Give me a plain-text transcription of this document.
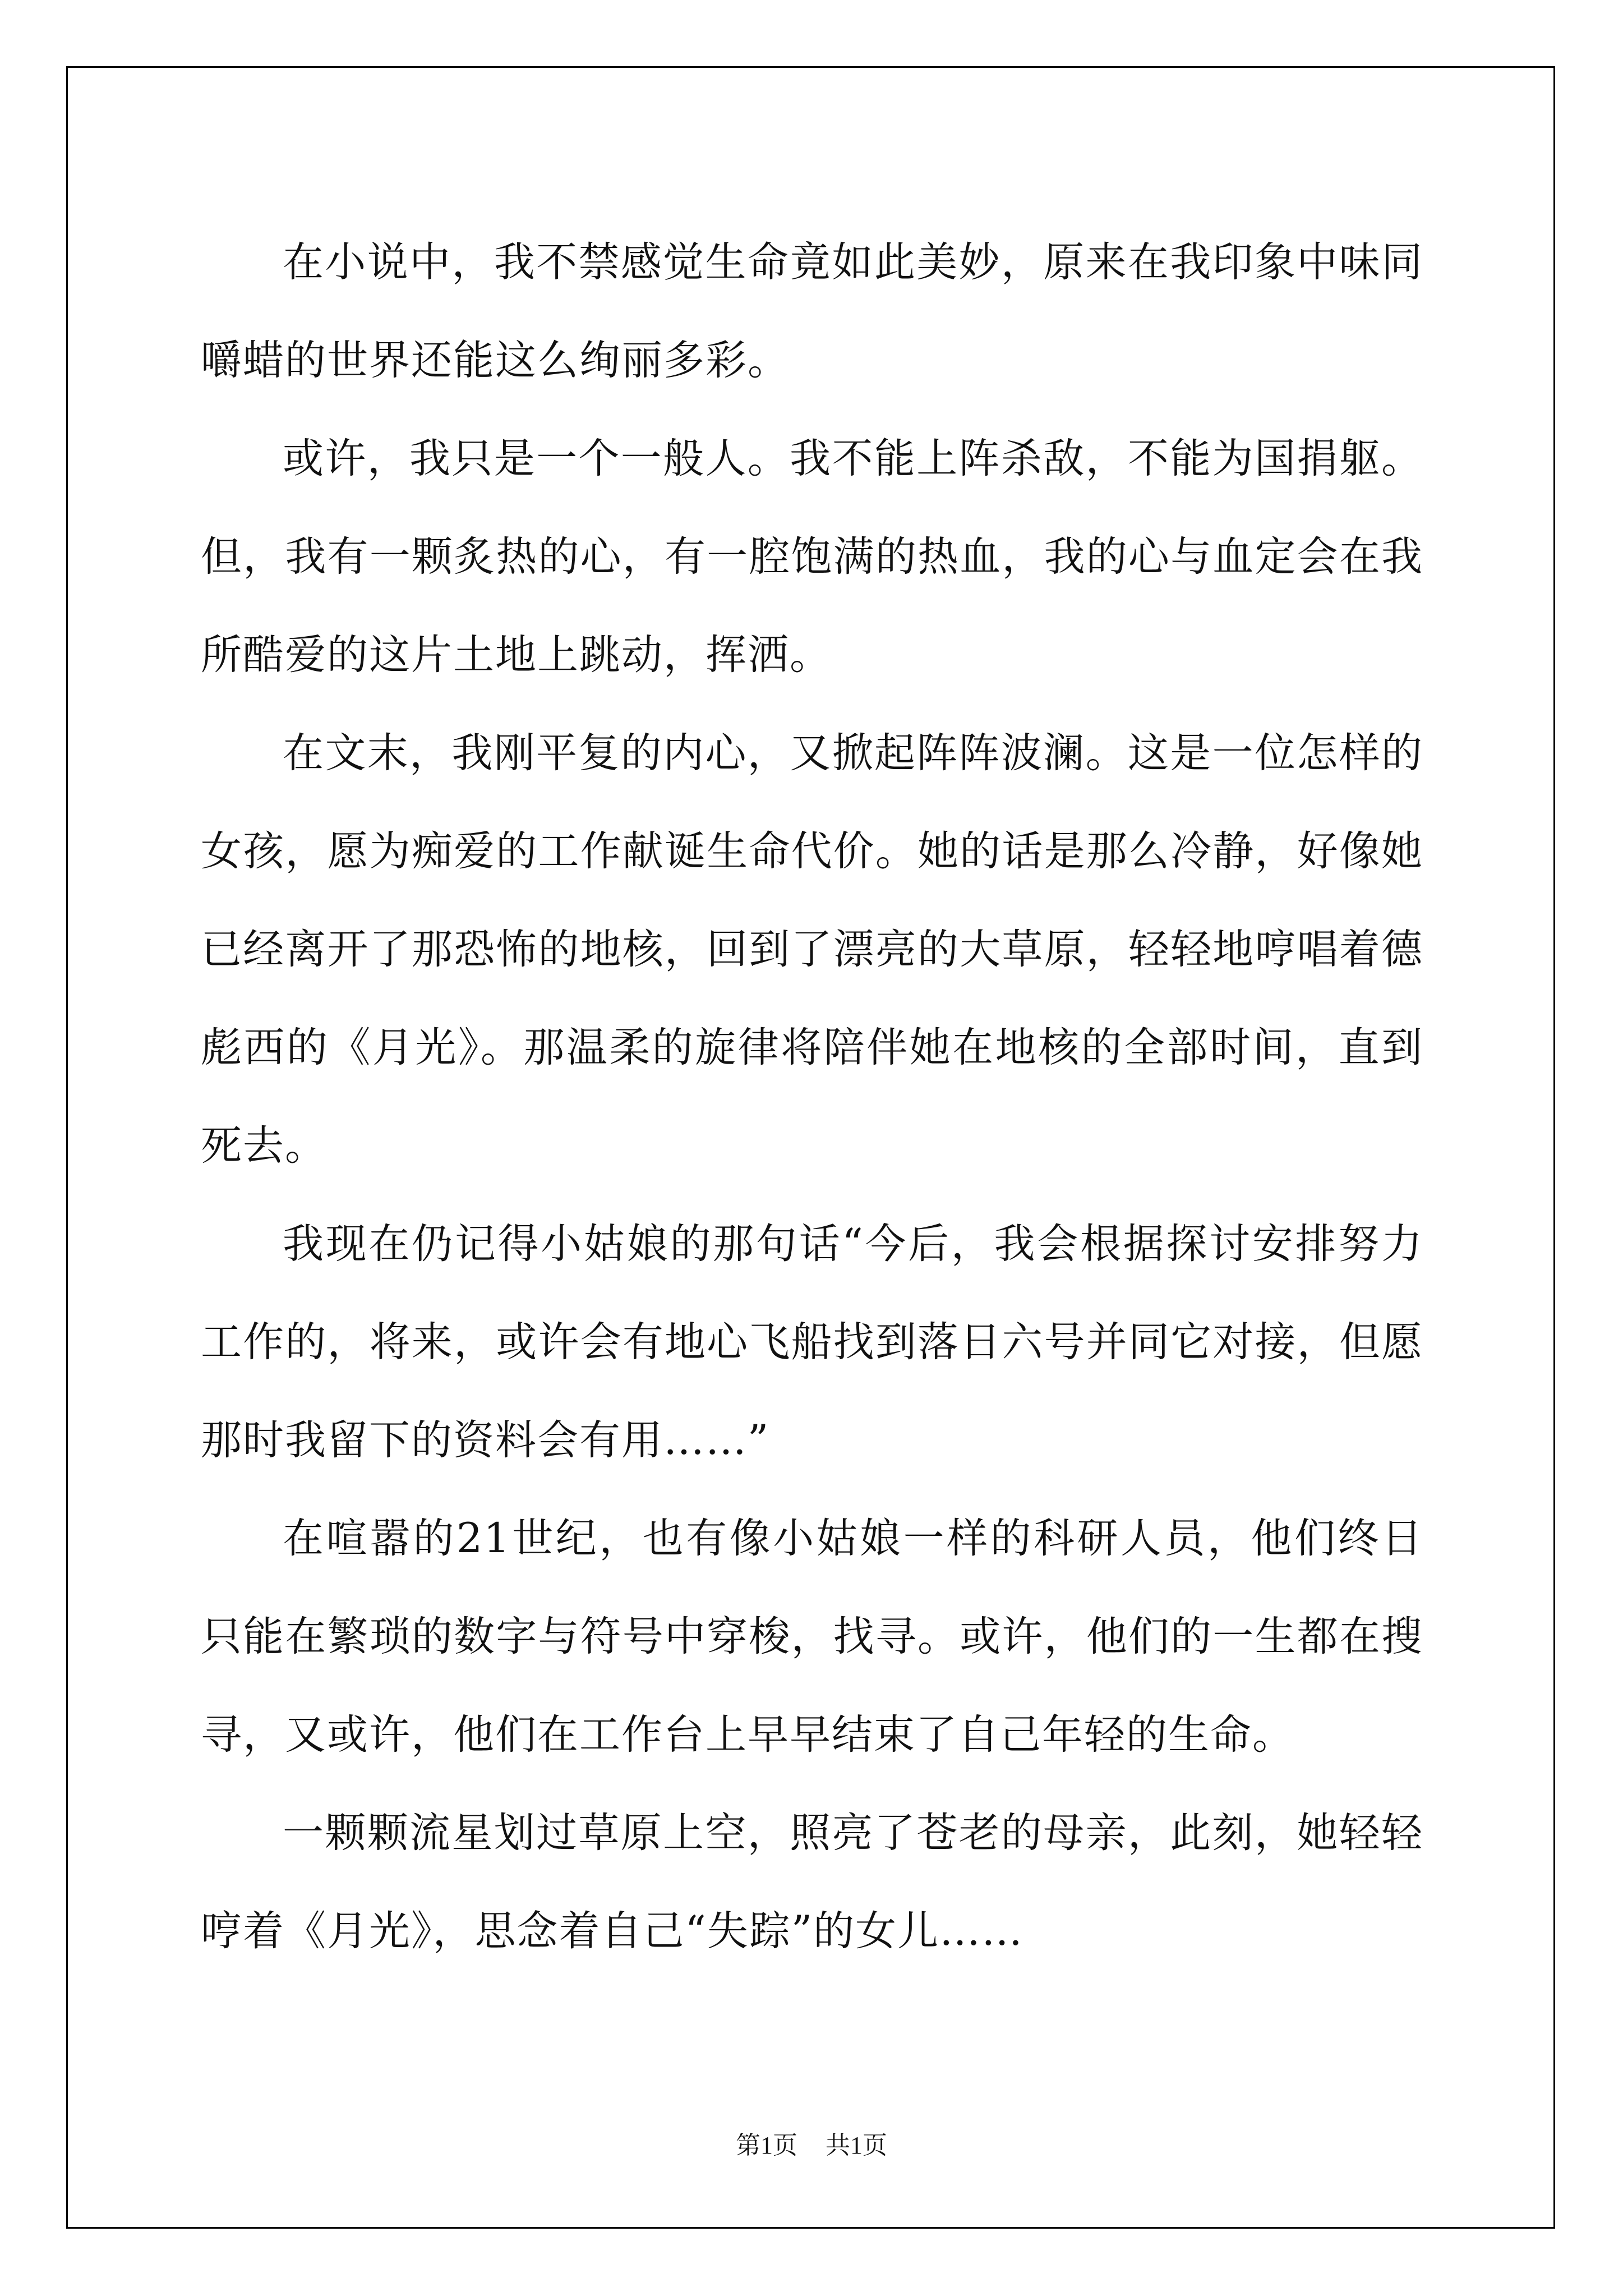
在小说中，我不禁感觉生命竟如此美妙，原来在我印象中味同嚼蜡的世界还能这么绚丽多彩。

或许，我只是一个一般人。我不能上阵杀敌，不能为国捐躯。但，我有一颗炙热的心，有一腔饱满的热血，我的心与血定会在我所酷爱的这片土地上跳动，挥洒。

在文末，我刚平复的内心，又掀起阵阵波澜。这是一位怎样的女孩，愿为痴爱的工作献诞生命代价。她的话是那么冷静，好像她已经离开了那恐怖的地核，回到了漂亮的大草原，轻轻地哼唱着德彪西的《月光》。那温柔的旋律将陪伴她在地核的全部时间，直到死去。

我现在仍记得小姑娘的那句话“今后，我会根据探讨安排努力工作的，将来，或许会有地心飞船找到落日六号并同它对接，但愿那时我留下的资料会有用……”

在喧嚣的21世纪，也有像小姑娘一样的科研人员，他们终日只能在繁琐的数字与符号中穿梭，找寻。或许，他们的一生都在搜寻，又或许，他们在工作台上早早结束了自己年轻的生命。

一颗颗流星划过草原上空，照亮了苍老的母亲，此刻，她轻轻哼着《月光》，思念着自己“失踪”的女儿……

第1页 共1页
